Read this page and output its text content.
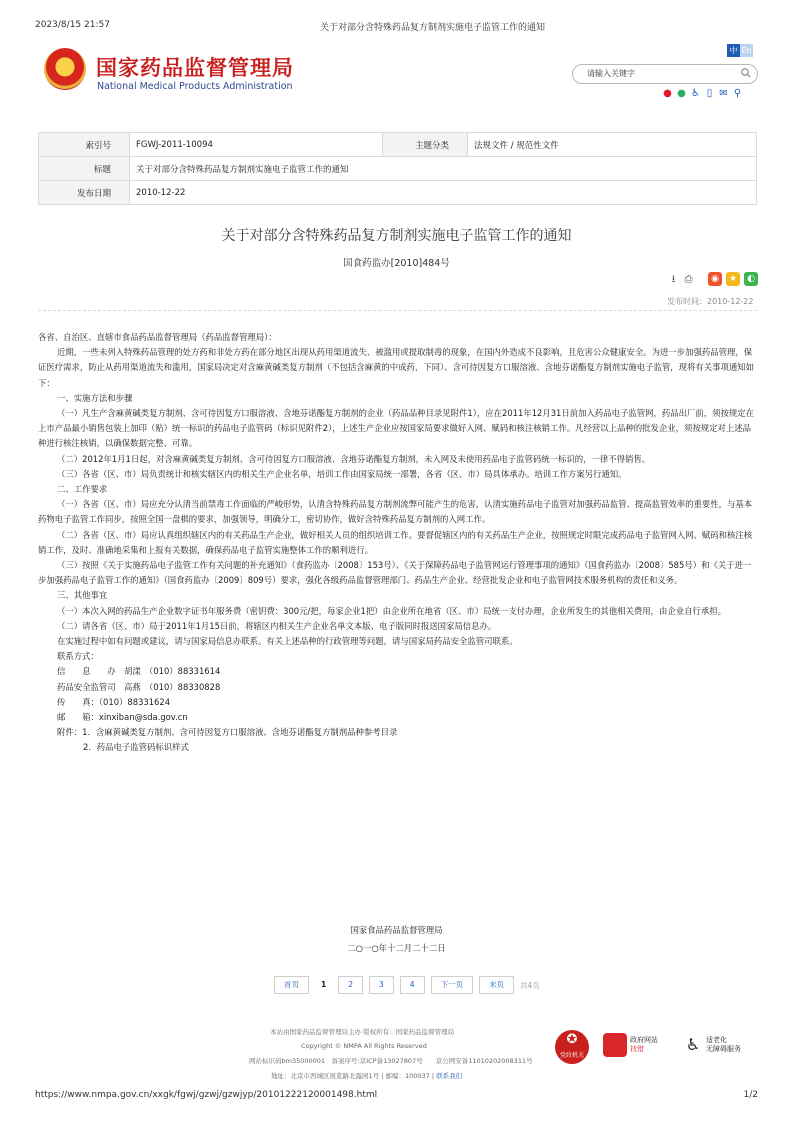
2023/8/15 21:57	关于对部分含特殊药品复方制剂实施电子监管工作的通知
国家药品监督管理局
National Medical Products Administration
中 En
请输入关键字
● ● ♿ ▯ ✉ ⚲
索引号	FGWJ-2011-10094	主题分类	法规文件 / 规范性文件
标题	关于对部分含特殊药品复方制剂实施电子监管工作的通知		
发布日期	2010-12-22		
关于对部分含特殊药品复方制剂实施电子监管工作的通知
国食药监办[2010]484号
⭳ ⎙	◉	★	◐
发布时间：2010-12-22

各省、自治区、直辖市食品药品监督管理局（药品监督管理局）：

近期，一些未列入特殊药品管理的处方药和非处方药在部分地区出现从药用渠道流失、被滥用或提取制毒的现象，在国内外造成不良影响，且危害公众健康安全。为进一步加强药品管理，保证医疗需求，防止从药用渠道流失和滥用，国家局决定对含麻黄碱类复方制剂（不包括含麻黄的中成药，下同）、含可待因复方口服溶液、含地芬诺酯复方制剂实施电子监管，现将有关事项通知如下：

一、实施方法和步骤

（一）凡生产含麻黄碱类复方制剂、含可待因复方口服溶液、含地芬诺酯复方制剂的企业（药品品种目录见附件1），应在2011年12月31日前加入药品电子监管网，药品出厂前，须按规定在上市产品最小销售包装上加印（贴）统一标识的药品电子监管码（标识见附件2），上述生产企业应按国家局要求做好入网、赋码和核注核销工作。凡经营以上品种的批发企业，须按规定对上述品种进行核注核销，以确保数据完整、可靠。

（二）2012年1月1日起，对含麻黄碱类复方制剂、含可待因复方口服溶液、含地芬诺酯复方制剂，未入网及未使用药品电子监管码统一标识的，一律不得销售。

（三）各省（区、市）局负责统计和核实辖区内的相关生产企业名单，培训工作由国家局统一部署，各省（区、市）局具体承办。培训工作方案另行通知。

二、工作要求

（一）各省（区、市）局应充分认清当前禁毒工作面临的严峻形势，认清含特殊药品复方制剂流弊可能产生的危害，认清实施药品电子监管对加强药品监管、提高监管效率的重要性，与基本药物电子监管工作同步，按照全国一盘棋的要求，加强领导，明确分工，密切协作，做好含特殊药品复方制剂的入网工作。

（二）各省（区、市）局应认真组织辖区内的有关药品生产企业，做好相关人员的组织培训工作。要督促辖区内的有关药品生产企业，按照规定时限完成药品电子监管网入网、赋码和核注核销工作，及时、准确地采集和上报有关数据，确保药品电子监管实施整体工作的顺利进行。

（三）按照《关于实施药品电子监管工作有关问题的补充通知》（食药监办〔2008〕153号）、《关于保障药品电子监管网运行管理事项的通知》（国食药监办〔2008〕585号）和《关于进一步加强药品电子监管工作的通知》（国食药监办〔2009〕809号）要求，强化各级药品监督管理部门、药品生产企业、经营批发企业和电子监管网技术服务机构的责任和义务。

三、其他事宜

（一）本次入网的药品生产企业数字证书年服务费（密钥费：300元/把，每家企业1把）由企业所在地省（区、市）局统一支付办理，企业所发生的其他相关费用，由企业自行承担。

（二）请各省（区、市）局于2011年1月15日前，将辖区内相关生产企业名单文本版、电子版同时报送国家局信息办。

在实施过程中如有问题或建议，请与国家局信息办联系。有关上述品种的行政管理等问题，请与国家局药品安全监管司联系。

联系方式：

信　　息　　办　胡漾　（010）88331614

药品安全监管司　高燕　（010）88330828

传　　真：（010）88331624

邮　　箱：xinxiban@sda.gov.cn

附件：1．含麻黄碱类复方制剂、含可待因复方口服溶液、含地芬诺酯复方制剂品种参考目录

2．药品电子监管码标识样式

国家食品药品监督管理局
二○一○年十二月二十二日
首页	1	2	3	4	下一页	末页	共4页
本站由国家药品监督管理局主办 版权所有：国家药品监督管理局
Copyright © NMPA All Rights Reserved
网站标识码bm35000001　备案序号:京ICP备13027807号　　京公网安备11010202008311号
地址：北京市西城区展览路北露园1号 | 邮编：100037 | 联系我们
✪
党政机关
政府网站
找错	♿ 适老化
无障碍服务
https://www.nmpa.gov.cn/xxgk/fgwj/gzwj/gzwjyp/20101222120001498.html	1/2
